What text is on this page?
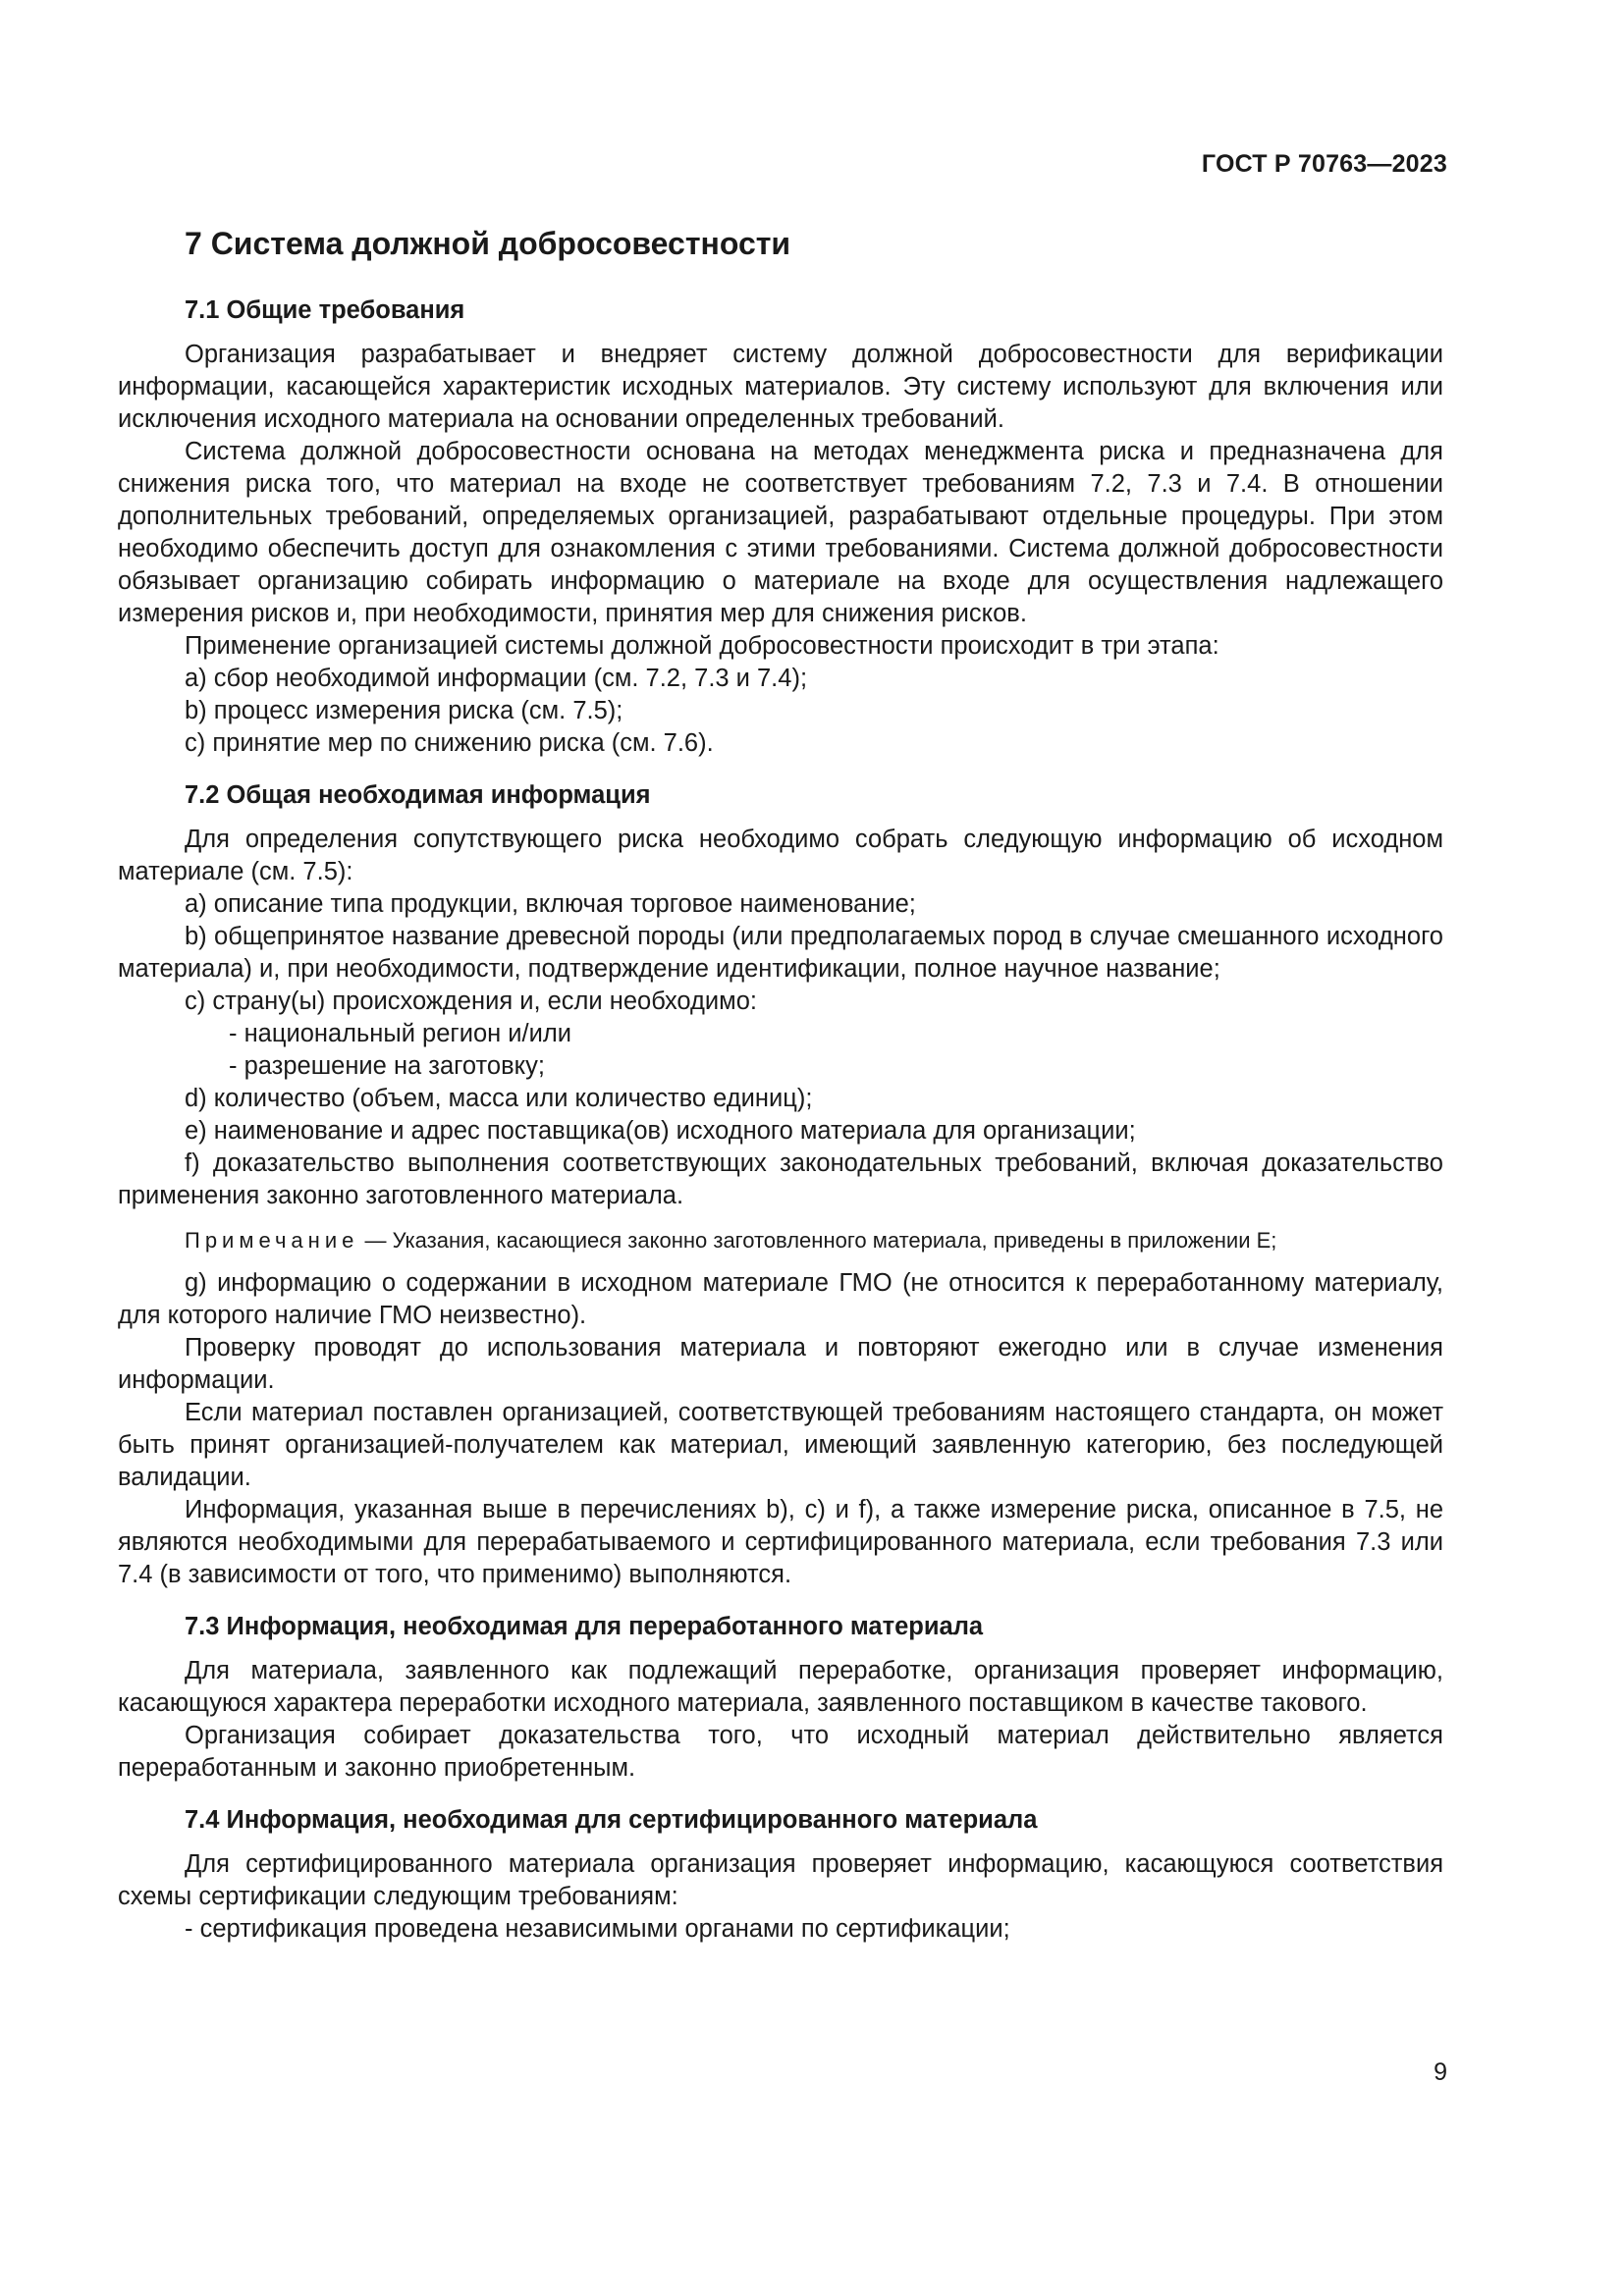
ГОСТ Р 70763—2023
7 Система должной добросовестности
7.1 Общие требования

Организация разрабатывает и внедряет систему должной добросовестности для верификации информации, касающейся характеристик исходных материалов. Эту систему используют для включения или исключения исходного материала на основании определенных требований.

Система должной добросовестности основана на методах менеджмента риска и предназначена для снижения риска того, что материал на входе не соответствует требованиям 7.2, 7.3 и 7.4. В отношении дополнительных требований, определяемых организацией, разрабатывают отдельные процедуры. При этом необходимо обеспечить доступ для ознакомления с этими требованиями. Система должной добросовестности обязывает организацию собирать информацию о материале на входе для осуществления надлежащего измерения рисков и, при необходимости, принятия мер для снижения рисков.

Применение организацией системы должной добросовестности происходит в три этапа:

a) сбор необходимой информации (см. 7.2, 7.3 и 7.4);

b) процесс измерения риска (см. 7.5);

c) принятие мер по снижению риска (см. 7.6).

7.2 Общая необходимая информация

Для определения сопутствующего риска необходимо собрать следующую информацию об исходном материале (см. 7.5):

a) описание типа продукции, включая торговое наименование;

b) общепринятое название древесной породы (или предполагаемых пород в случае смешанного исходного материала) и, при необходимости, подтверждение идентификации, полное научное название;

c) страну(ы) происхождения и, если необходимо:

- национальный регион и/или

- разрешение на заготовку;

d) количество (объем, масса или количество единиц);

e) наименование и адрес поставщика(ов) исходного материала для организации;

f) доказательство выполнения соответствующих законодательных требований, включая доказательство применения законно заготовленного материала.

Примечание — Указания, касающиеся законно заготовленного материала, приведены в приложении Е;

g) информацию о содержании в исходном материале ГМО (не относится к переработанному материалу, для которого наличие ГМО неизвестно).

Проверку проводят до использования материала и повторяют ежегодно или в случае изменения информации.

Если материал поставлен организацией, соответствующей требованиям настоящего стандарта, он может быть принят организацией-получателем как материал, имеющий заявленную категорию, без последующей валидации.

Информация, указанная выше в перечислениях b), c) и f), а также измерение риска, описанное в 7.5, не являются необходимыми для перерабатываемого и сертифицированного материала, если требования 7.3 или 7.4 (в зависимости от того, что применимо) выполняются.

7.3 Информация, необходимая для переработанного материала

Для материала, заявленного как подлежащий переработке, организация проверяет информацию, касающуюся характера переработки исходного материала, заявленного поставщиком в качестве такового.

Организация собирает доказательства того, что исходный материал действительно является переработанным и законно приобретенным.

7.4 Информация, необходимая для сертифицированного материала

Для сертифицированного материала организация проверяет информацию, касающуюся соответствия схемы сертификации следующим требованиям:

- сертификация проведена независимыми органами по сертификации;

9
